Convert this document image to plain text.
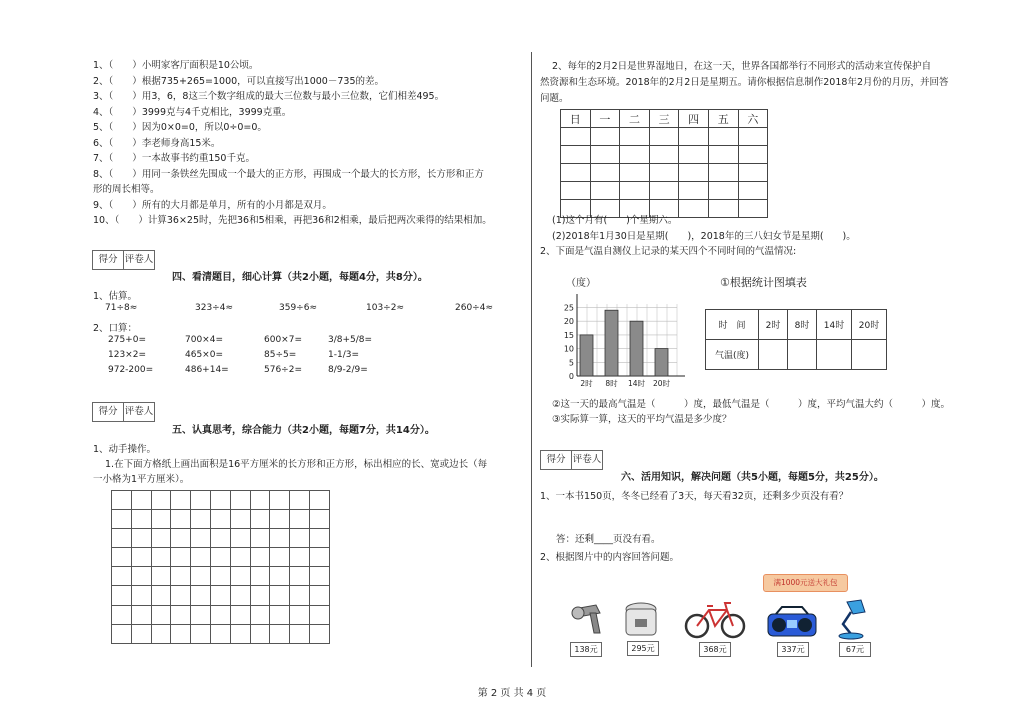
1、（　　）小明家客厅面积是10公顷。
2、（　　）根据735+265=1000，可以直接写出1000－735的差。
3、（　　）用3，6，8这三个数字组成的最大三位数与最小三位数，它们相差495。
4、（　　）3999克与4千克相比，3999克重。
5、（　　）因为0×0=0，所以0÷0=0。
6、（　　）李老师身高15米。
7、（　　）一本故事书约重150千克。
8、（　　）用同一条铁丝先围成一个最大的正方形，再围成一个最大的长方形，长方形和正方
形的周长相等。
9、（　　）所有的大月都是单月，所有的小月都是双月。
10、（　　）计算36×25时，先把36和5相乘，再把36和2相乘，最后把两次乘得的结果相加。
得分 评卷人
四、看清题目，细心计算（共2小题，每题4分，共8分）。
1、估算。
71÷8≈	323÷4≈	359÷6≈	103÷2≈	260÷4≈
2、口算：
275+0=	700×4=	600×7=	3/8+5/8=
123×2=	465×0=	85÷5=	1-1/3=
972-200=	486+14=	576÷2=	8/9-2/9=
得分 评卷人
五、认真思考，综合能力（共2小题，每题7分，共14分）。
1、动手操作。
1.在下面方格纸上画出面积是16平方厘米的长方形和正方形，标出相应的长、宽或边长（每
一小格为1平方厘米）。

2、每年的2月2日是世界湿地日，在这一天，世界各国都举行不同形式的活动来宣传保护自
然资源和生态环境。2018年的2月2日是星期五。请你根据信息制作2018年2月份的月历，并回答
问题。
日	一	二	三	四	五	六

(1)这个月有(　　)个星期六。
(2)2018年1月30日是星期(　　)，2018年的三八妇女节是星期(　　)。
2、下面是气温自测仪上记录的某天四个不同时间的气温情况:
（度）	①根据统计图填表
0
5
10
15
20
25
2时 8时 14时 20时
时　间	2时	8时	14时	20时
气温(度)				
②这一天的最高气温是（　　　）度，最低气温是（　　　）度，平均气温大约（　　　）度。
③实际算一算，这天的平均气温是多少度？
得分 评卷人
六、活用知识，解决问题（共5小题，每题5分，共25分）。
1、一本书150页，冬冬已经看了3天，每天看32页，还剩多少页没有看？
答：还剩____页没有看。
2、根据图片中的内容回答问题。
满1000元送大礼包
138元	295元	368元	337元	67元
第 2 页 共 4 页
